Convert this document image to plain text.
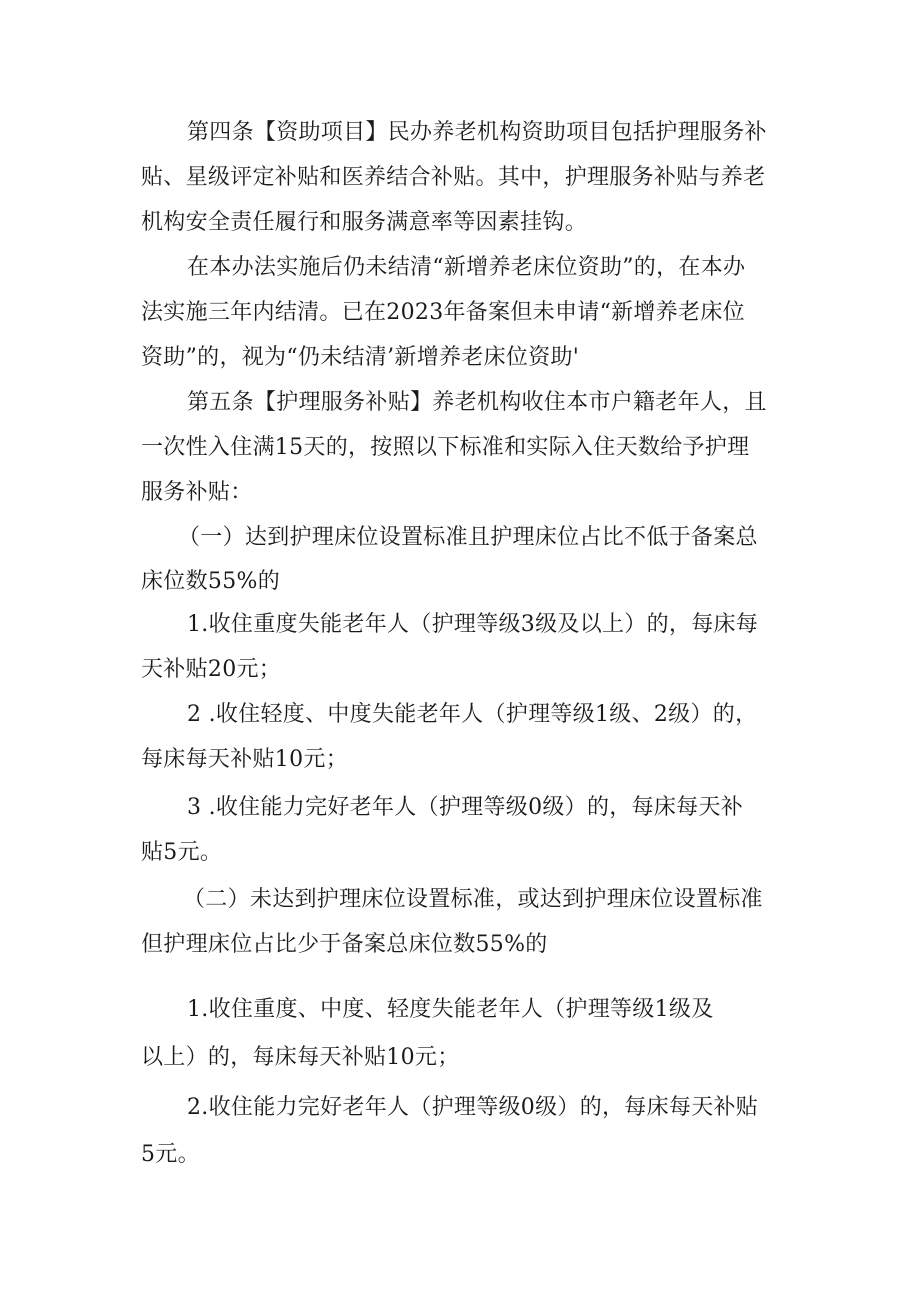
第四条【资助项目】民办养老机构资助项目包括护理服务补

贴、星级评定补贴和医养结合补贴。其中，护理服务补贴与养老

机构安全责任履行和服务满意率等因素挂钩。

在本办法实施后仍未结清“新增养老床位资助”的，在本办

法实施三年内结清。已在2023年备案但未申请“新增养老床位

资助”的，视为“仍未结清’新增养老床位资助'

第五条【护理服务补贴】养老机构收住本市户籍老年人，且

一次性入住满15天的，按照以下标准和实际入住天数给予护理

服务补贴：

（一）达到护理床位设置标准且护理床位占比不低于备案总

床位数55%的

1.收住重度失能老年人（护理等级3级及以上）的，每床每

天补贴20元；

2 .收住轻度、中度失能老年人（护理等级1级、2级）的，

每床每天补贴10元；

3 .收住能力完好老年人（护理等级0级）的，每床每天补

贴5元。

（二）未达到护理床位设置标准，或达到护理床位设置标准

但护理床位占比少于备案总床位数55%的

1.收住重度、中度、轻度失能老年人（护理等级1级及

以上）的，每床每天补贴10元；

2.收住能力完好老年人（护理等级0级）的，每床每天补贴

5元。
